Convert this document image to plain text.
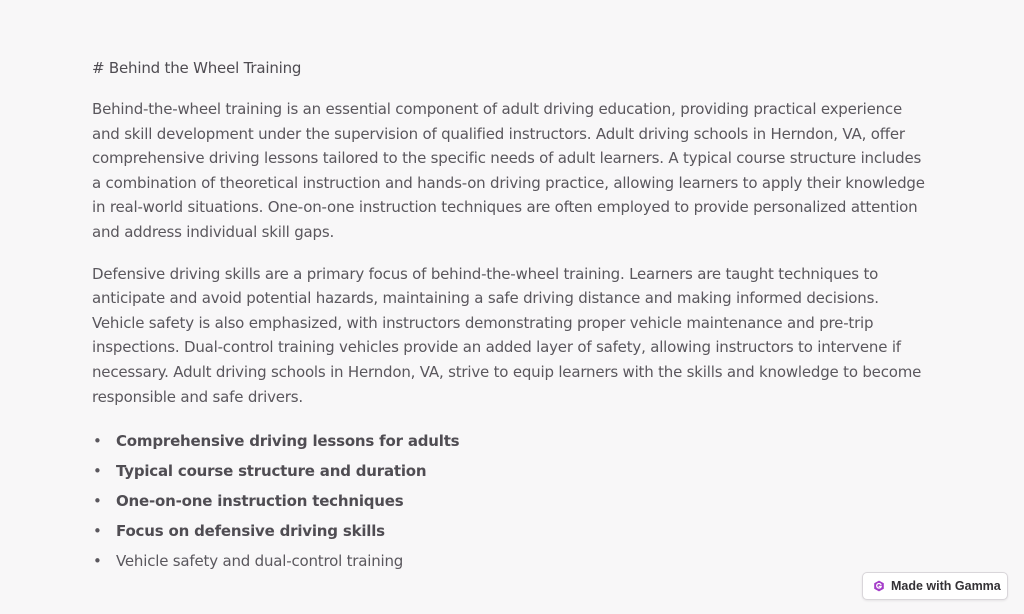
# Behind the Wheel Training

Behind-the-wheel training is an essential component of adult driving education, providing practical experience and skill development under the supervision of qualified instructors. Adult driving schools in Herndon, VA, offer comprehensive driving lessons tailored to the specific needs of adult learners. A typical course structure includes a combination of theoretical instruction and hands-on driving practice, allowing learners to apply their knowledge in real-world situations. One-on-one instruction techniques are often employed to provide personalized attention and address individual skill gaps.

Defensive driving skills are a primary focus of behind-the-wheel training. Learners are taught techniques to anticipate and avoid potential hazards, maintaining a safe driving distance and making informed decisions. Vehicle safety is also emphasized, with instructors demonstrating proper vehicle maintenance and pre-trip inspections. Dual-control training vehicles provide an added layer of safety, allowing instructors to intervene if necessary. Adult driving schools in Herndon, VA, strive to equip learners with the skills and knowledge to become responsible and safe drivers.

• Comprehensive driving lessons for adults
• Typical course structure and duration
• One-on-one instruction techniques
• Focus on defensive driving skills
• Vehicle safety and dual-control training
Made with Gamma
